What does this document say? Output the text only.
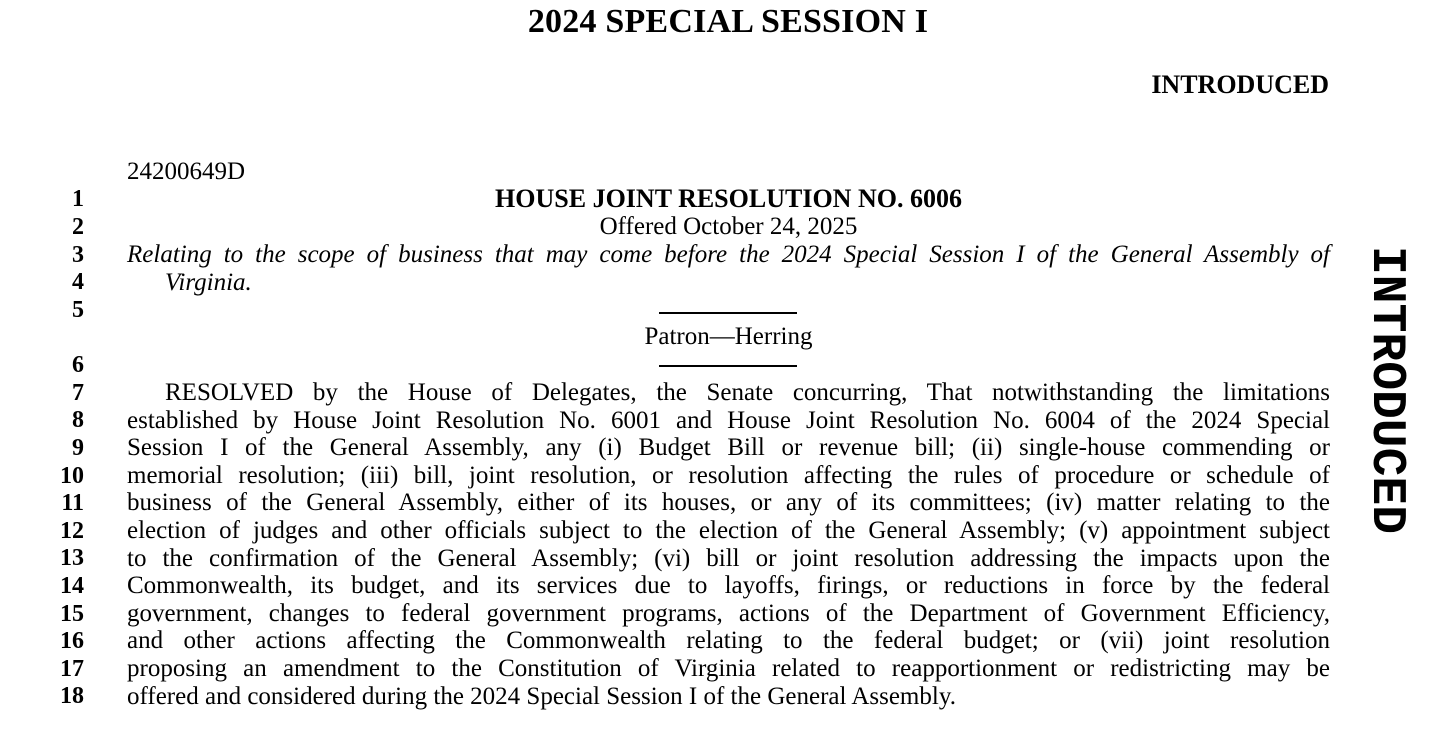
2024 SPECIAL SESSION I
INTRODUCED
24200649D
1
2
3
4
5
6
7
8
9
10
11
12
13
14
15
16
17
18
HOUSE JOINT RESOLUTION NO. 6006
Offered October 24, 2025
Relating to the scope of business that may come before the 2024 Special Session I of the General Assembly of
Virginia.
Patron—Herring
RESOLVED by the House of Delegates, the Senate concurring, That notwithstanding the limitations
established by House Joint Resolution No. 6001 and House Joint Resolution No. 6004 of the 2024 Special
Session I of the General Assembly, any (i) Budget Bill or revenue bill; (ii) single-house commending or
memorial resolution; (iii) bill, joint resolution, or resolution affecting the rules of procedure or schedule of
business of the General Assembly, either of its houses, or any of its committees; (iv) matter relating to the
election of judges and other officials subject to the election of the General Assembly; (v) appointment subject
to the confirmation of the General Assembly; (vi) bill or joint resolution addressing the impacts upon the
Commonwealth, its budget, and its services due to layoffs, firings, or reductions in force by the federal
government, changes to federal government programs, actions of the Department of Government Efficiency,
and other actions affecting the Commonwealth relating to the federal budget; or (vii) joint resolution
proposing an amendment to the Constitution of Virginia related to reapportionment or redistricting may be
offered and considered during the 2024 Special Session I of the General Assembly.
INTRODUCED
